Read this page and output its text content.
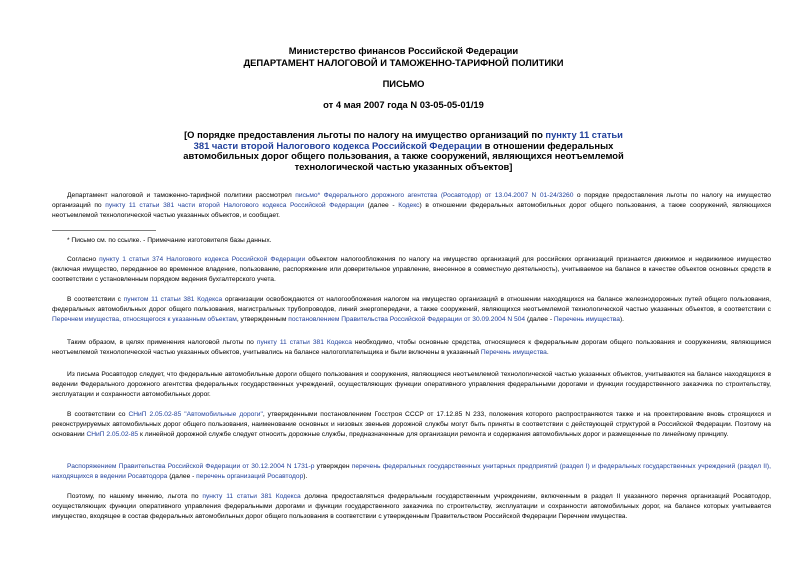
Министерство финансов Российской Федерации
ДЕПАРТАМЕНТ НАЛОГОВОЙ И ТАМОЖЕННО-ТАРИФНОЙ ПОЛИТИКИ
ПИСЬМО
от 4 мая 2007 года N 03-05-05-01/19
[О порядке предоставления льготы по налогу на имущество организаций по пункту 11 статьи 381 части второй Налогового кодекса Российской Федерации в отношении федеральных автомобильных дорог общего пользования, а также сооружений, являющихся неотъемлемой технологической частью указанных объектов]
Департамент налоговой и таможенно-тарифной политики рассмотрел письмо* Федерального дорожного агентства (Росавтодор) от 13.04.2007 N 01-24/3260 о порядке предоставления льготы по налогу на имущество организаций по пункту 11 статьи 381 части второй Налогового кодекса Российской Федерации (далее - Кодекс) в отношении федеральных автомобильных дорог общего пользования, а также сооружений, являющихся неотъемлемой технологической частью указанных объектов, и сообщает.
* Письмо см. по ссылке. - Примечание изготовителя базы данных.
Согласно пункту 1 статьи 374 Налогового кодекса Российской Федерации объектом налогообложения по налогу на имущество организаций для российских организаций признается движимое и недвижимое имущество (включая имущество, переданное во временное владение, пользование, распоряжение или доверительное управление, внесенное в совместную деятельность), учитываемое на балансе в качестве объектов основных средств в соответствии с установленным порядком ведения бухгалтерского учета.
В соответствии с пунктом 11 статьи 381 Кодекса организации освобождаются от налогообложения налогом на имущество организаций в отношении находящихся на балансе железнодорожных путей общего пользования, федеральных автомобильных дорог общего пользования, магистральных трубопроводов, линий энергопередачи, а также сооружений, являющихся неотъемлемой технологической частью указанных объектов, в соответствии с Перечнем имущества, относящегося к указанным объектам, утвержденным постановлением Правительства Российской Федерации от 30.09.2004 N 504 (далее - Перечень имущества).
Таким образом, в целях применения налоговой льготы по пункту 11 статьи 381 Кодекса необходимо, чтобы основные средства, относящиеся к федеральным дорогам общего пользования и сооружениям, являющимся неотъемлемой технологической частью указанных объектов, учитывались на балансе налогоплательщика и были включены в указанный Перечень имущества.
Из письма Росавтодор следует, что федеральные автомобильные дороги общего пользования и сооружения, являющиеся неотъемлемой технологической частью указанных объектов, учитываются на балансе находящихся в ведении Федерального дорожного агентства федеральных государственных учреждений, осуществляющих функции оперативного управления федеральными дорогами и функции государственного заказчика по строительству, эксплуатации и сохранности автомобильных дорог.
В соответствии со СНиП 2.05.02-85 "Автомобильные дороги", утвержденными постановлением Госстроя СССР от 17.12.85 N 233, положения которого распространяются также и на проектирование вновь строящихся и реконструируемых автомобильных дорог общего пользования, наименование основных и низовых звеньев дорожной службы могут быть приняты в соответствии с действующей структурой в Российской Федерации. Поэтому на основании СНиП 2.05.02-85 к линейной дорожной службе следует относить дорожные службы, предназначенные для организации ремонта и содержания автомобильных дорог и размещенные по линейному принципу.
Распоряжением Правительства Российской Федерации от 30.12.2004 N 1731-р утвержден перечень федеральных государственных унитарных предприятий (раздел I) и федеральных государственных учреждений (раздел II), находящихся в ведении Росавтодора (далее - перечень организаций Росавтодор).
Поэтому, по нашему мнению, льгота по пункту 11 статьи 381 Кодекса должна предоставляться федеральным государственным учреждениям, включенным в раздел II указанного перечня организаций Росавтодор, осуществляющих функции оперативного управления федеральными дорогами и функции государственного заказчика по строительству, эксплуатации и сохранности автомобильных дорог, на балансе которых учитывается имущество, входящее в состав федеральных автомобильных дорог общего пользования в соответствии с утвержденным Правительством Российской Федерации Перечнем имущества.
